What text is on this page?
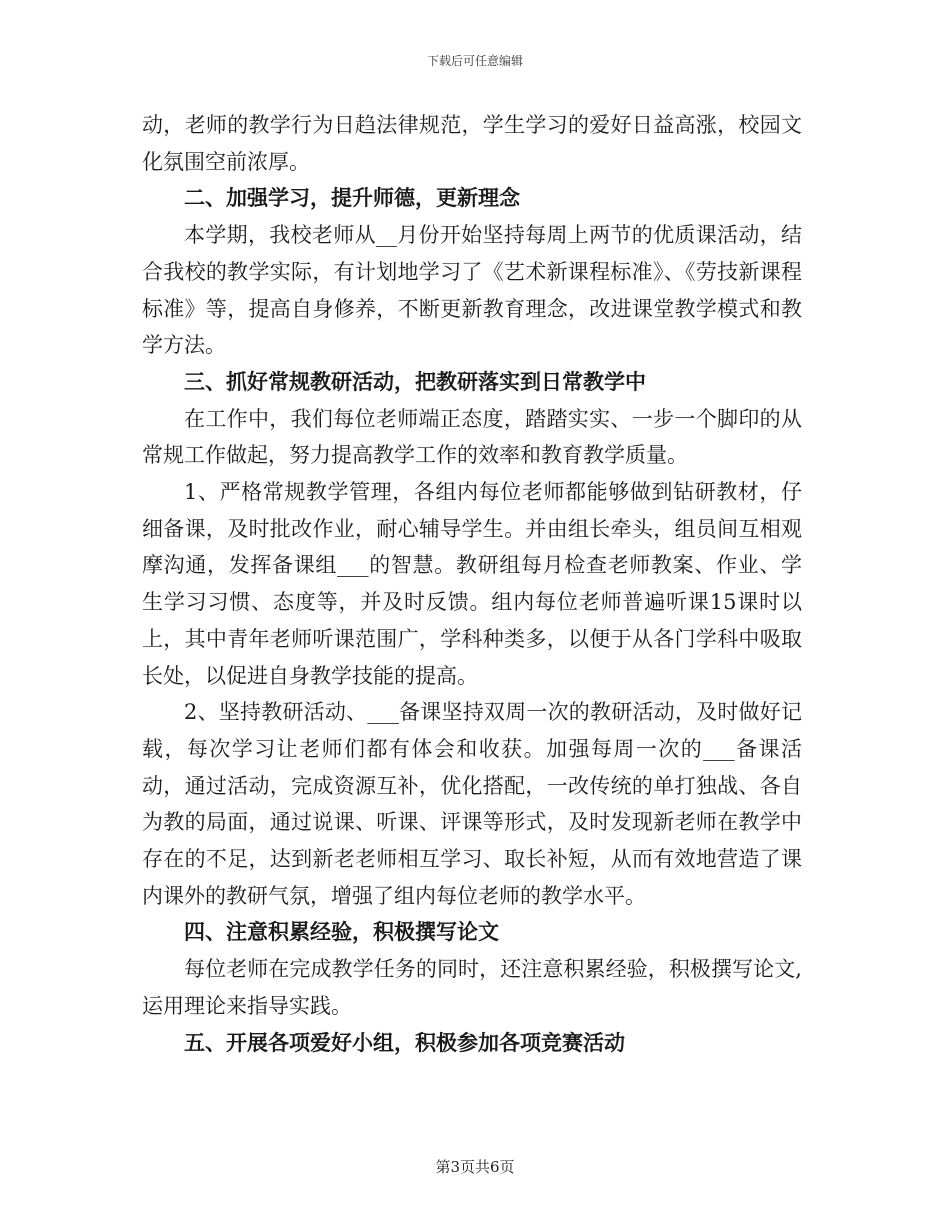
下载后可任意编辑

动，老师的教学行为日趋法律规范，学生学习的爱好日益高涨，校园文化氛围空前浓厚。

二、加强学习，提升师德，更新理念

本学期，我校老师从__月份开始坚持每周上两节的优质课活动，结合我校的教学实际，有计划地学习了《艺术新课程标准》、《劳技新课程标准》等，提高自身修养，不断更新教育理念，改进课堂教学模式和教学方法。

三、抓好常规教研活动，把教研落实到日常教学中

在工作中，我们每位老师端正态度，踏踏实实、一步一个脚印的从常规工作做起，努力提高教学工作的效率和教育教学质量。

1、严格常规教学管理，各组内每位老师都能够做到钻研教材，仔细备课，及时批改作业，耐心辅导学生。并由组长牵头，组员间互相观摩沟通，发挥备课组___的智慧。教研组每月检查老师教案、作业、学生学习习惯、态度等，并及时反馈。组内每位老师普遍听课15课时以上，其中青年老师听课范围广，学科种类多，以便于从各门学科中吸取长处，以促进自身教学技能的提高。

2、坚持教研活动、___备课坚持双周一次的教研活动，及时做好记载，每次学习让老师们都有体会和收获。加强每周一次的___备课活动，通过活动，完成资源互补，优化搭配，一改传统的单打独战、各自为教的局面，通过说课、听课、评课等形式，及时发现新老师在教学中存在的不足，达到新老老师相互学习、取长补短，从而有效地营造了课内课外的教研气氛，增强了组内每位老师的教学水平。

四、注意积累经验，积极撰写论文

每位老师在完成教学任务的同时，还注意积累经验，积极撰写论文,运用理论来指导实践。

五、开展各项爱好小组，积极参加各项竞赛活动

第3页共6页
